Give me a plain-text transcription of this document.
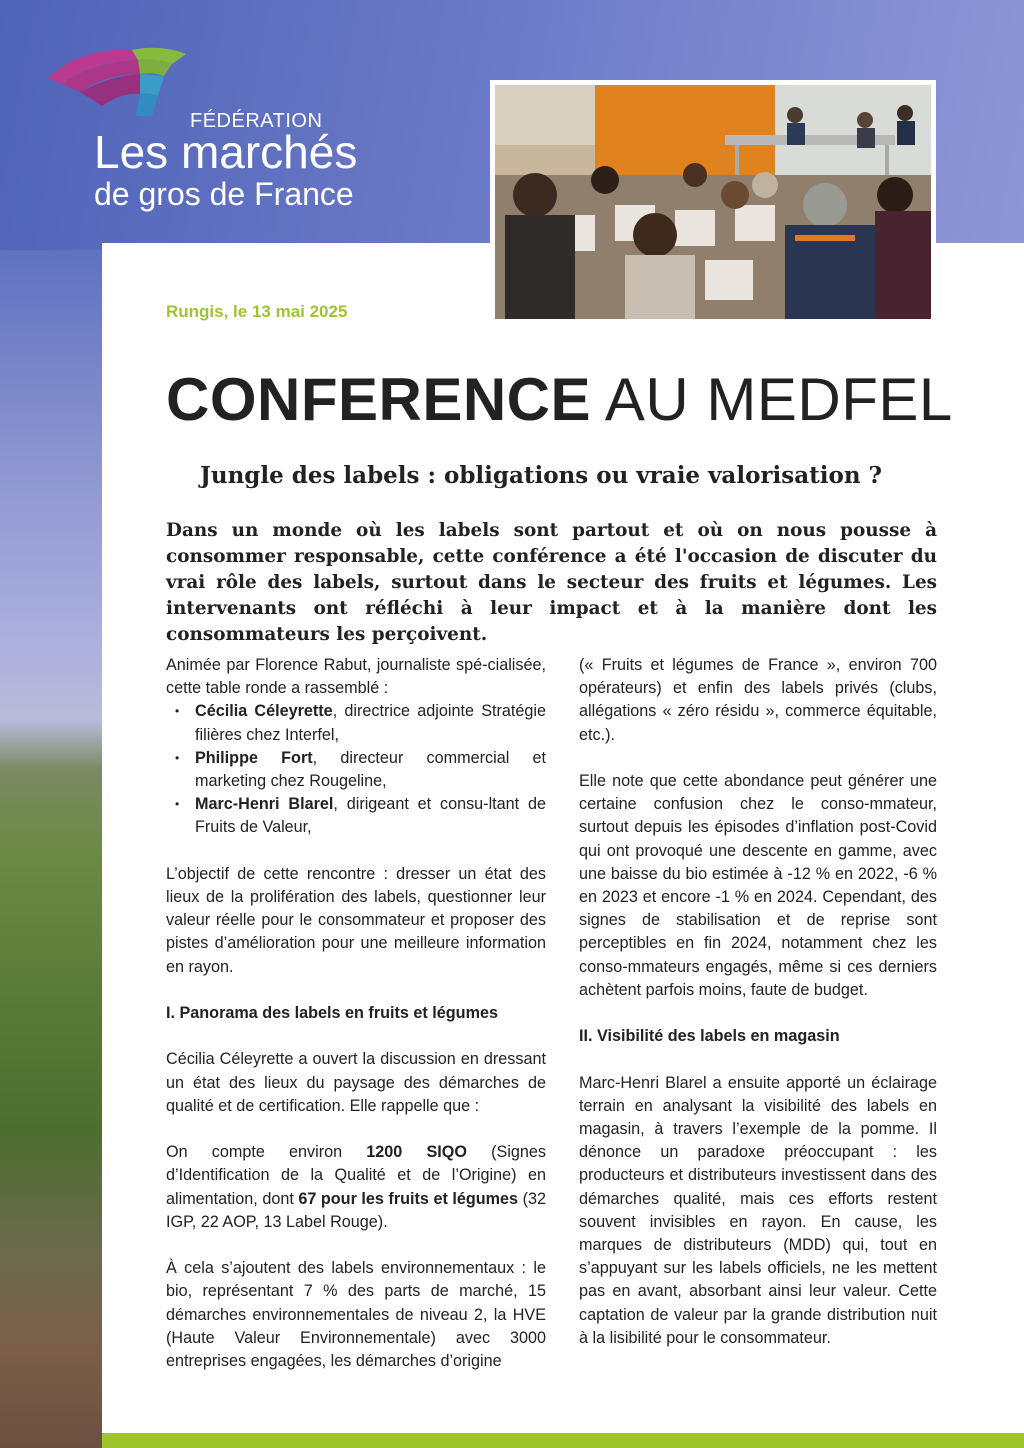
FÉDÉRATION
Les marchés
de gros de France
Rungis, le 13 mai 2025
CONFERENCE AU MEDFEL
Jungle des labels : obligations ou vraie valorisation ?
Dans un monde où les labels sont partout et où on nous pousse à consommer responsable, cette conférence a été l'occasion de discuter du vrai rôle des labels, surtout dans le secteur des fruits et légumes. Les intervenants ont réfléchi à leur impact et à la manière dont les consommateurs les perçoivent.

Animée par Florence Rabut, journaliste spé-cialisée, cette table ronde a rassemblé :

• Cécilia Céleyrette, directrice adjointe Stratégie filières chez Interfel,
• Philippe Fort, directeur commercial et marketing chez Rougeline,
• Marc-Henri Blarel, dirigeant et consu-ltant de Fruits de Valeur,

L’objectif de cette rencontre : dresser un état des lieux de la prolifération des labels, questionner leur valeur réelle pour le consommateur et proposer des pistes d’amélioration pour une meilleure information en rayon.

I. Panorama des labels en fruits et légumes

Cécilia Céleyrette a ouvert la discussion en dressant un état des lieux du paysage des démarches de qualité et de certification. Elle rappelle que :

On compte environ 1200 SIQO (Signes d’Identification de la Qualité et de l’Origine) en alimentation, dont 67 pour les fruits et légumes (32 IGP, 22 AOP, 13 Label Rouge).

À cela s’ajoutent des labels environnementaux : le bio, représentant 7 % des parts de marché, 15 démarches environnementales de niveau 2, la HVE (Haute Valeur Environnementale) avec 3000 entreprises engagées, les démarches d’origine

(« Fruits et légumes de France », environ 700 opérateurs) et enfin des labels privés (clubs, allégations « zéro résidu », commerce équitable, etc.).

Elle note que cette abondance peut générer une certaine confusion chez le conso-mmateur, surtout depuis les épisodes d’inflation post-Covid qui ont provoqué une descente en gamme, avec une baisse du bio estimée à -12 % en 2022, -6 % en 2023 et encore -1 % en 2024. Cependant, des signes de stabilisation et de reprise sont perceptibles en fin 2024, notamment chez les conso-mmateurs engagés, même si ces derniers achètent parfois moins, faute de budget.

II. Visibilité des labels en magasin

Marc-Henri Blarel a ensuite apporté un éclairage terrain en analysant la visibilité des labels en magasin, à travers l’exemple de la pomme. Il dénonce un paradoxe préoccupant : les producteurs et distributeurs investissent dans des démarches qualité, mais ces efforts restent souvent invisibles en rayon. En cause, les marques de distributeurs (MDD) qui, tout en s’appuyant sur les labels officiels, ne les mettent pas en avant, absorbant ainsi leur valeur. Cette captation de valeur par la grande distribution nuit à la lisibilité pour le consommateur.
